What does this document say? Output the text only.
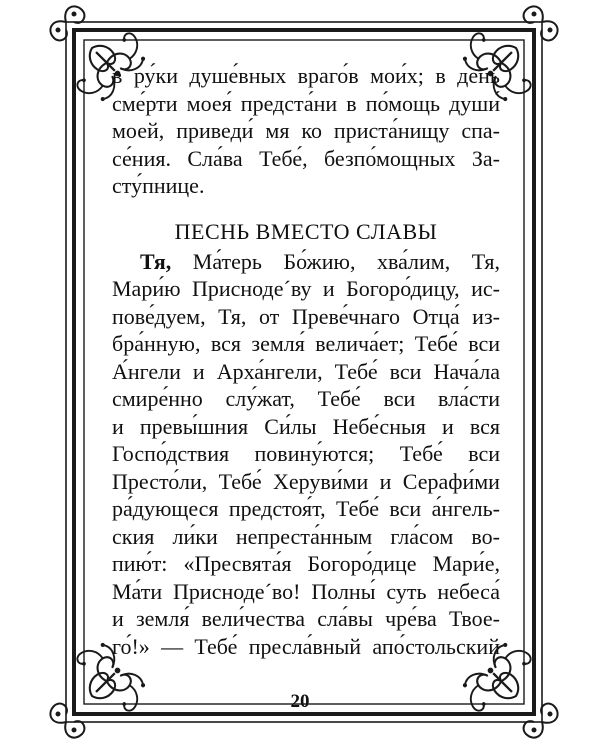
в ру́ки душе́вных враго́в мои́х; в день
сме́рти моея́ предста́ни в по́мощь души́
моей, приведи́ мя ко приста́нищу спа-
се́ния. Сла́ва Тебе́, безпо́мощных За-
сту́пнице.
ПЕСНЬ ВМЕСТО СЛАВЫ
Тя, Ма́терь Бо́жию, хва́лим, Тя,
Мари́ю Приснодe´ву и Богоро́дицу, ис-
пове́дуем, Тя, от Преве́чнаго Отца́ из-
бра́нную, вся земля́ велича́ет; Тебе́ вси
А́нгели и Арха́нгели, Тебе́ вси Нача́ла
смире́нно слу́жат, Тебе́ вси вла́сти
и превы́шния Си́лы Небе́сныя и вся
Госпо́дствия повину́ются; Тебе́ вси
Престо́ли, Тебе́ Херуви́ми и Серафи́ми
ра́дующеся предстоя́т, Тебе́ вси а́нгель-
ския ли́ки непреста́нным гла́сом во-
пию́т: «Пресвята́я Богоро́дице Мари́е,
Ма́ти Приснодe´во! Полны́ суть небеса́
и земля́ вели́чества сла́вы чре́ва Твое-
го́!» — Тебе́ пресла́вный апо́стольский
20
